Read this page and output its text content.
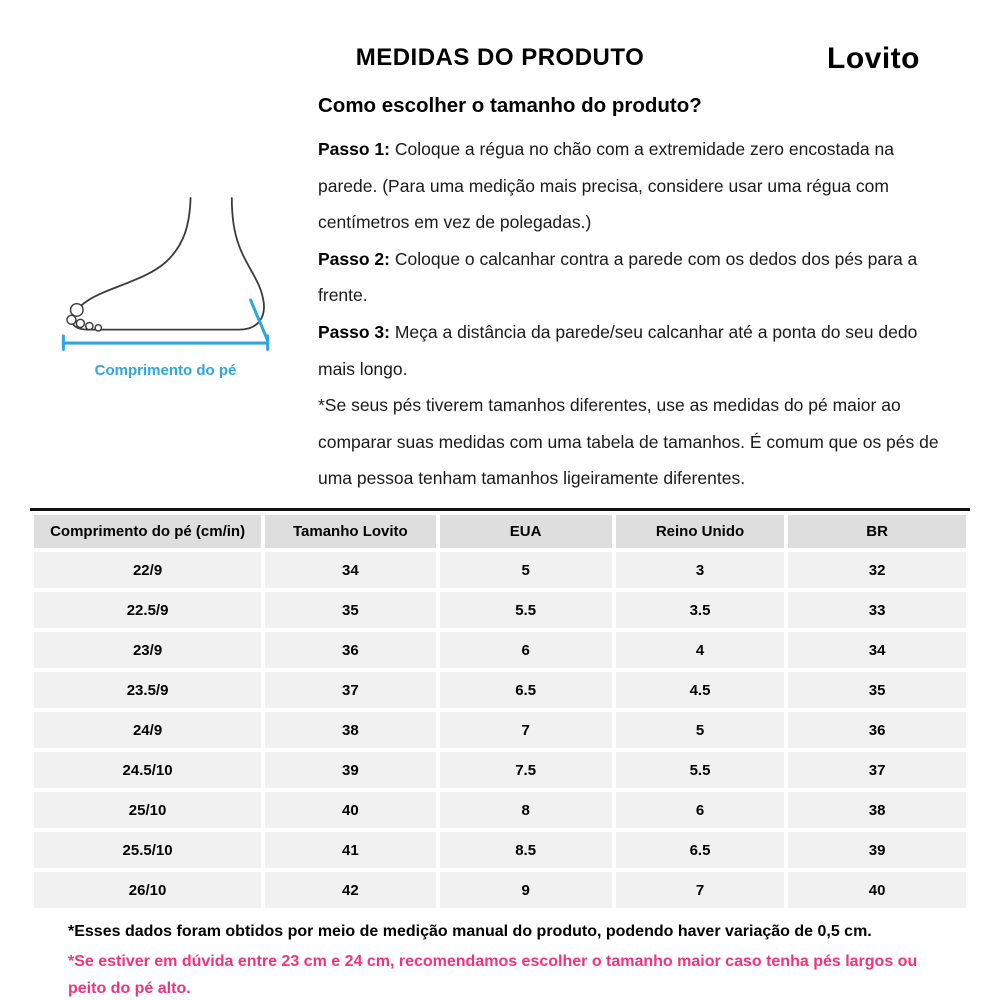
MEDIDAS DO PRODUTO	Lovito
Comprimento do pé
Como escolher o tamanho do produto?

Passo 1: Coloque a régua no chão com a extremidade zero encostada na parede. (Para uma medição mais precisa, considere usar uma régua com centímetros em vez de polegadas.)

Passo 2: Coloque o calcanhar contra a parede com os dedos dos pés para a frente.

Passo 3: Meça a distância da parede/seu calcanhar até a ponta do seu dedo mais longo.

*Se seus pés tiverem tamanhos diferentes, use as medidas do pé maior ao comparar suas medidas com uma tabela de tamanhos. É comum que os pés de uma pessoa tenham tamanhos ligeiramente diferentes.

Comprimento do pé (cm/in)	Tamanho Lovito	EUA	Reino Unido	BR
22/9	34	5	3	32
22.5/9	35	5.5	3.5	33
23/9	36	6	4	34
23.5/9	37	6.5	4.5	35
24/9	38	7	5	36
24.5/10	39	7.5	5.5	37
25/10	40	8	6	38
25.5/10	41	8.5	6.5	39
26/10	42	9	7	40

*Esses dados foram obtidos por meio de medição manual do produto, podendo haver variação de 0,5 cm.

*Se estiver em dúvida entre 23 cm e 24 cm, recomendamos escolher o tamanho maior caso tenha pés largos ou peito do pé alto.
